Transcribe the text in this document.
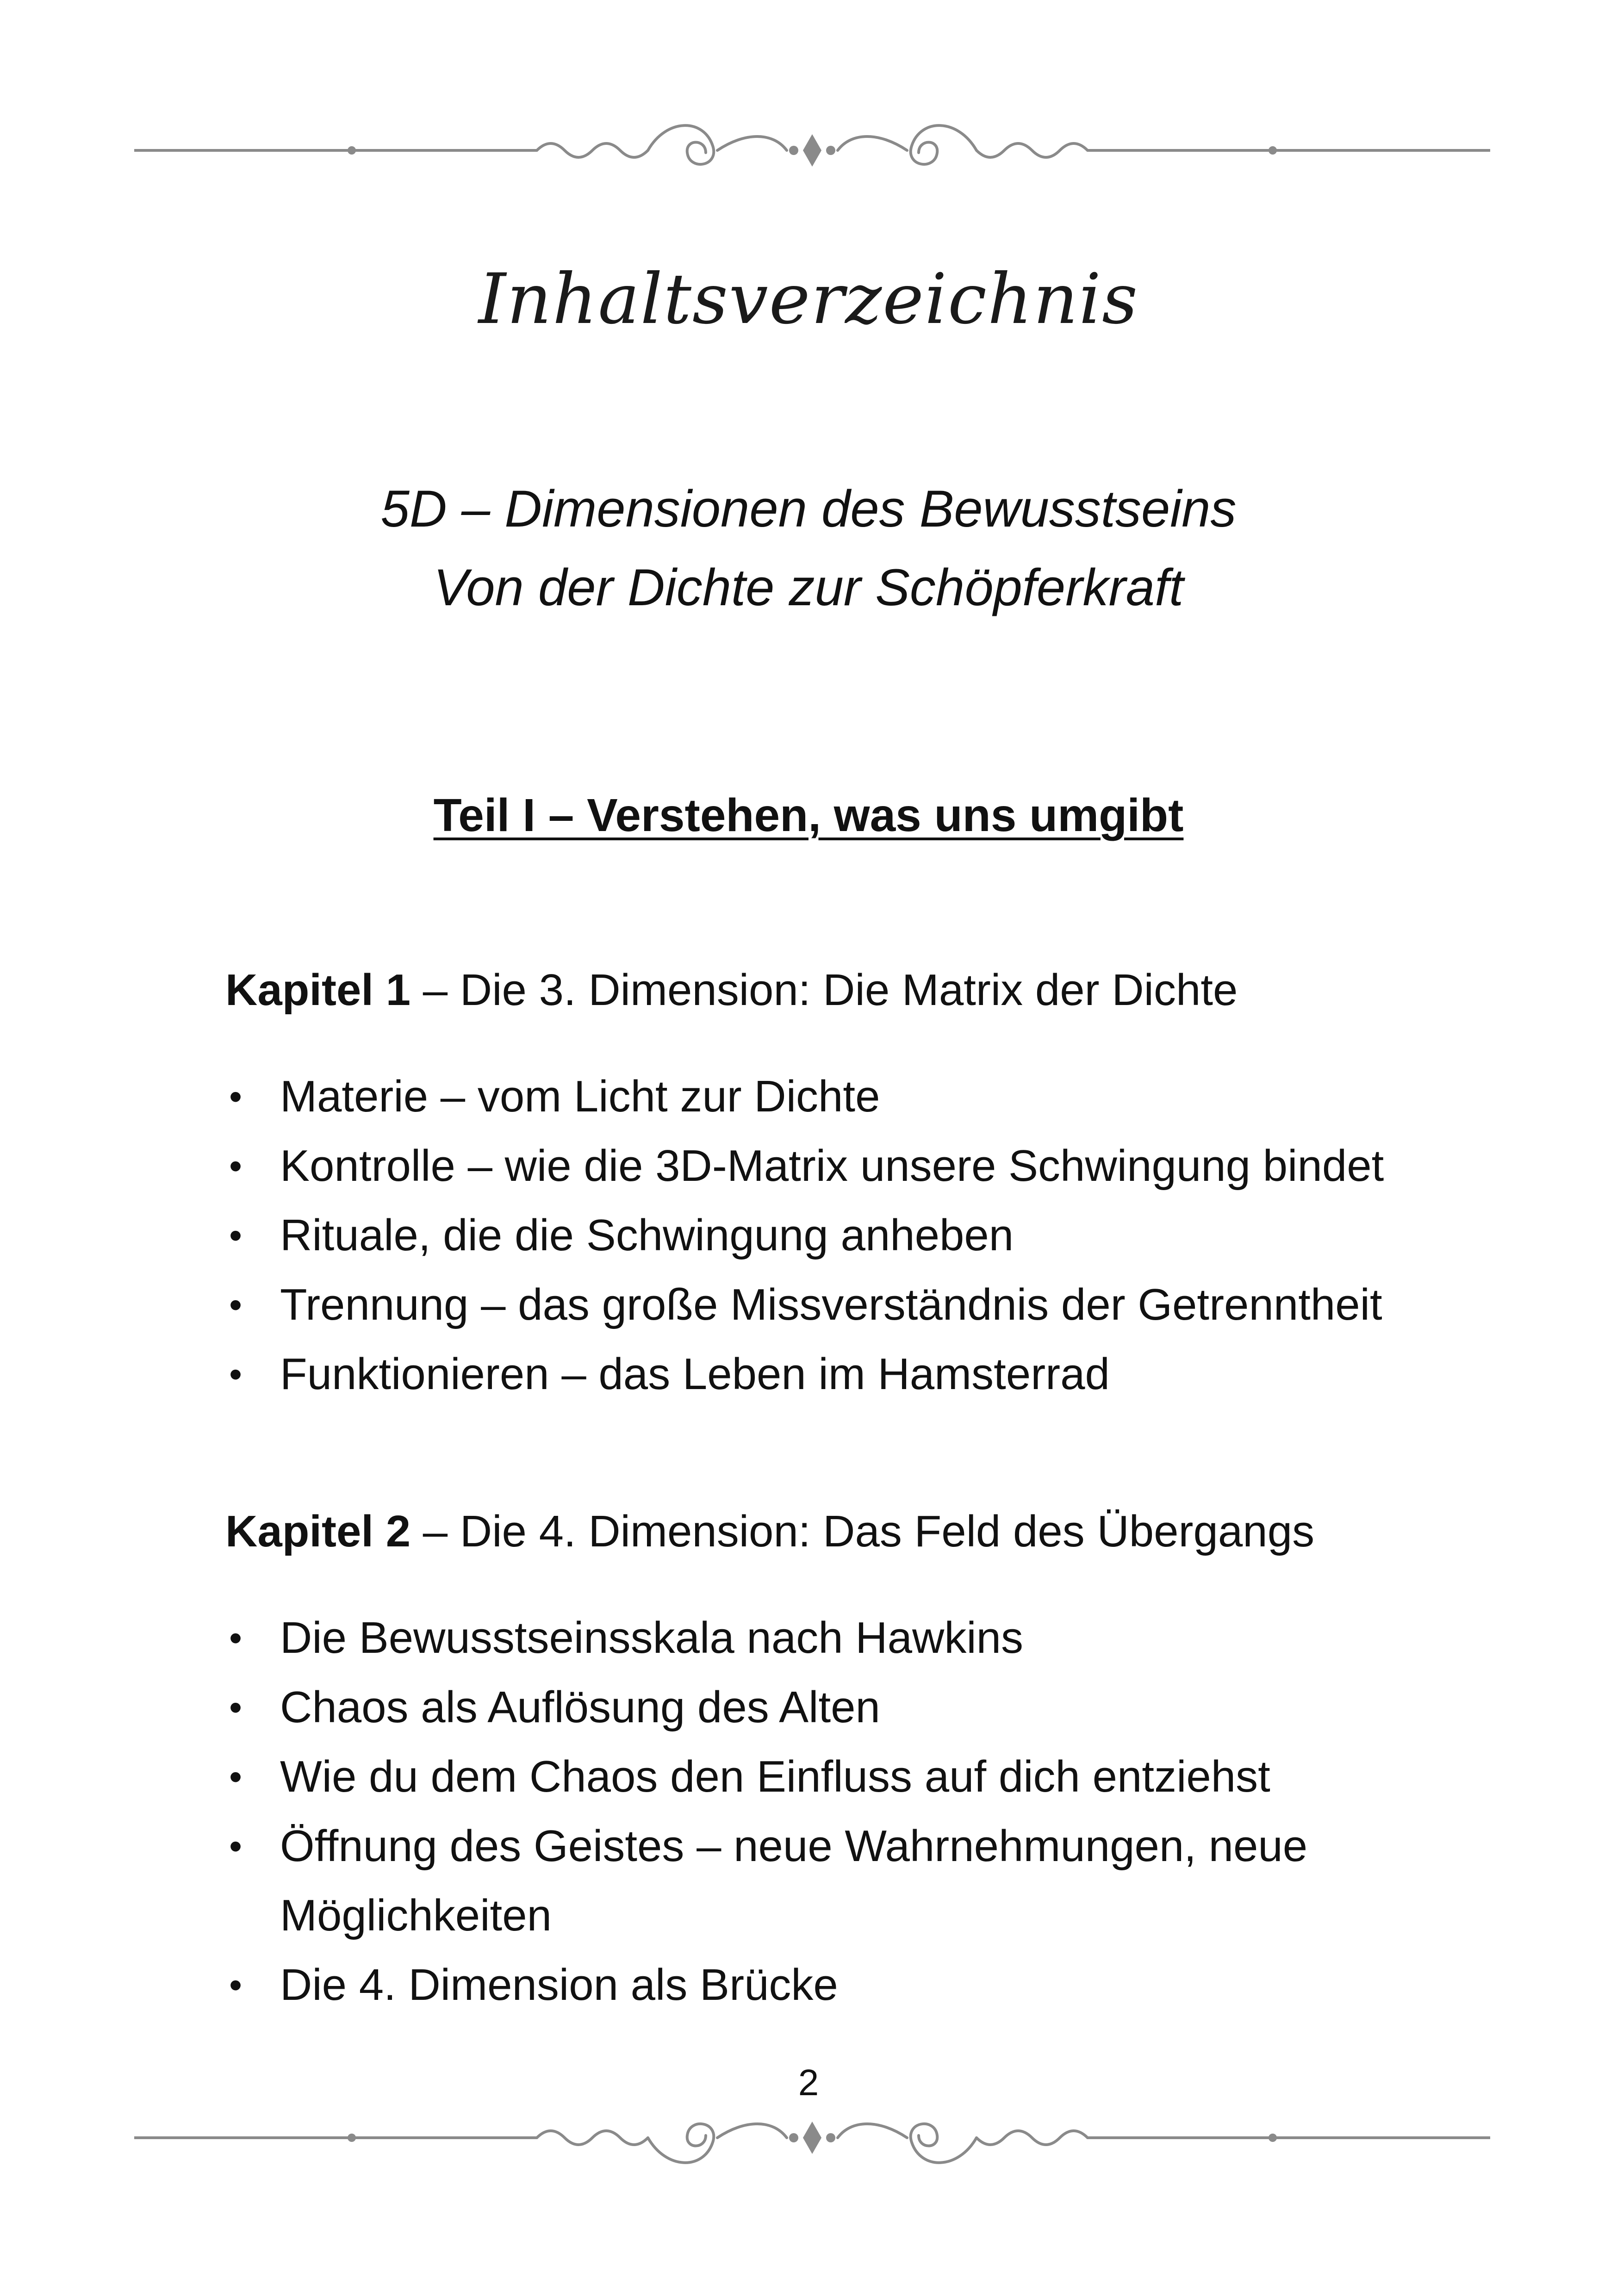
Inhaltsverzeichnis
5D – Dimensionen des Bewusstseins
Von der Dichte zur Schöpferkraft
Teil I – Verstehen, was uns umgibt
Kapitel 1 – Die 3. Dimension: Die Matrix der Dichte
• Materie – vom Licht zur Dichte
• Kontrolle – wie die 3D-Matrix unsere Schwingung bindet
• Rituale, die die Schwingung anheben
• Trennung – das große Missverständnis der Getrenntheit
• Funktionieren – das Leben im Hamsterrad
Kapitel 2 – Die 4. Dimension: Das Feld des Übergangs
• Die Bewusstseinsskala nach Hawkins
• Chaos als Auflösung des Alten
• Wie du dem Chaos den Einfluss auf dich entziehst
• Öffnung des Geistes – neue Wahrnehmungen, neue
Möglichkeiten
• Die 4. Dimension als Brücke
2
